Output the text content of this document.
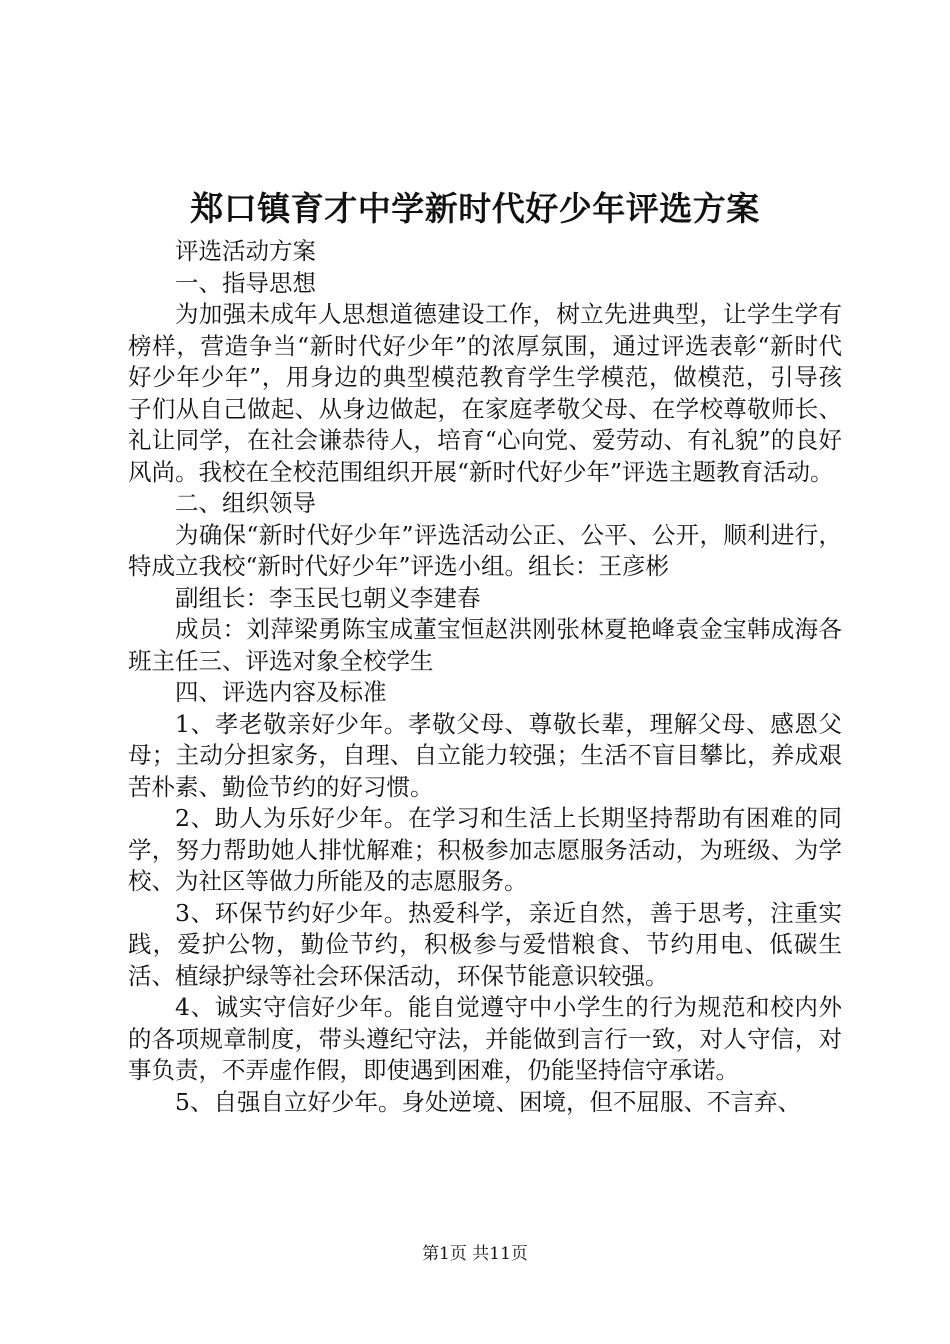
郑口镇育才中学新时代好少年评选方案

评选活动方案

一、指导思想

为加强未成年人思想道德建设工作，树立先进典型，让学生学有榜样，营造争当“新时代好少年”的浓厚氛围，通过评选表彰“新时代好少年少年”，用身边的典型模范教育学生学模范，做模范，引导孩子们从自己做起、从身边做起，在家庭孝敬父母、在学校尊敬师长、礼让同学，在社会谦恭待人，培育“心向党、爱劳动、有礼貌”的良好风尚。我校在全校范围组织开展“新时代好少年”评选主题教育活动。

二、组织领导

为确保“新时代好少年”评选活动公正、公平、公开，顺利进行，特成立我校“新时代好少年”评选小组。组长：王彦彬

副组长：李玉民乜朝义李建春

成员：刘萍梁勇陈宝成董宝恒赵洪刚张林夏艳峰袁金宝韩成海各班主任三、评选对象全校学生

四、评选内容及标准

1、孝老敬亲好少年。孝敬父母、尊敬长辈，理解父母、感恩父母；主动分担家务，自理、自立能力较强；生活不盲目攀比，养成艰苦朴素、勤俭节约的好习惯。

2、助人为乐好少年。在学习和生活上长期坚持帮助有困难的同学，努力帮助她人排忧解难；积极参加志愿服务活动，为班级、为学校、为社区等做力所能及的志愿服务。

3、环保节约好少年。热爱科学，亲近自然，善于思考，注重实践，爱护公物，勤俭节约，积极参与爱惜粮食、节约用电、低碳生活、植绿护绿等社会环保活动，环保节能意识较强。

4、诚实守信好少年。能自觉遵守中小学生的行为规范和校内外的各项规章制度，带头遵纪守法，并能做到言行一致，对人守信，对事负责，不弄虚作假，即使遇到困难，仍能坚持信守承诺。

5、自强自立好少年。身处逆境、困境，但不屈服、不言弃、

第1页 共11页
